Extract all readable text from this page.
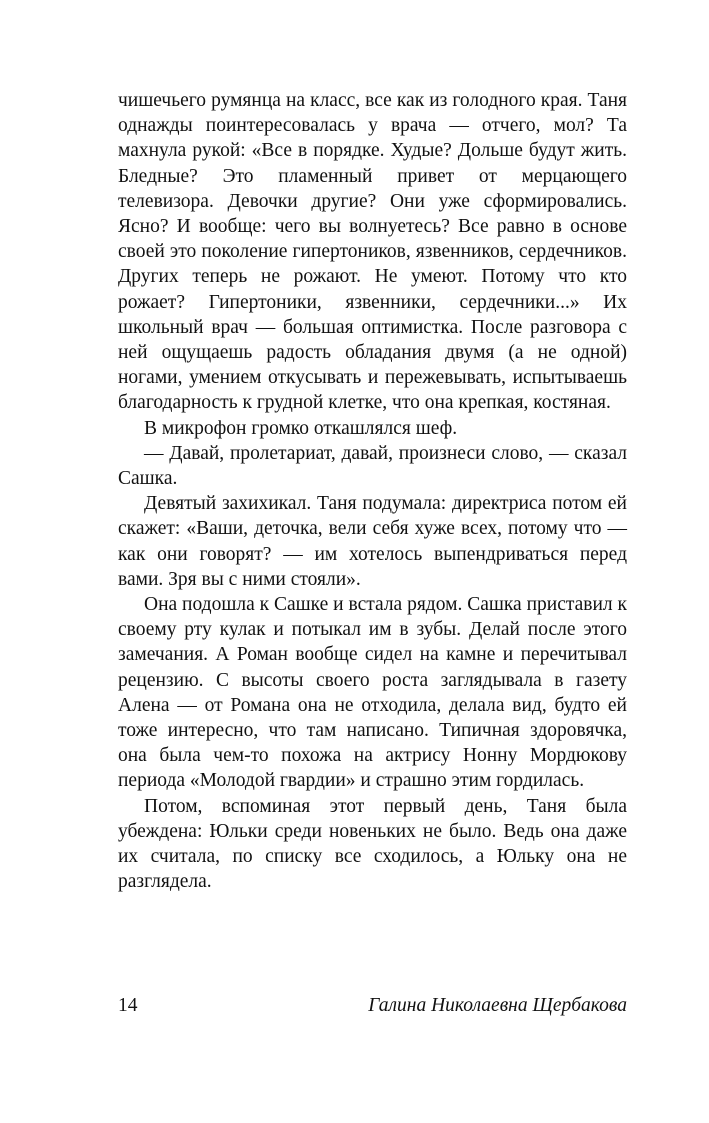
чишечьего румянца на класс, все как из голодного края. Таня однажды поинтересовалась у врача — отчего, мол? Та махнула рукой: «Все в порядке. Худые? Дольше будут жить. Бледные? Это пламенный привет от мерцающего телевизора. Девочки другие? Они уже сформировались. Ясно? И вообще: чего вы волнуетесь? Все равно в основе своей это поколение гипертоников, язвенников, сердечников. Других теперь не рожают. Не умеют. Потому что кто рожает? Гипертоники, язвенники, сердечники...» Их школьный врач — большая оптимистка. После разговора с ней ощущаешь радость обладания двумя (а не одной) ногами, умением откусывать и пережевывать, испытываешь благодарность к грудной клетке, что она крепкая, костяная.

В микрофон громко откашлялся шеф.

— Давай, пролетариат, давай, произнеси слово, — сказал Сашка.

Девятый захихикал. Таня подумала: директриса потом ей скажет: «Ваши, деточка, вели себя хуже всех, потому что — как они говорят? — им хотелось выпендриваться перед вами. Зря вы с ними стояли».

Она подошла к Сашке и встала рядом. Сашка приставил к своему рту кулак и потыкал им в зубы. Делай после этого замечания. А Роман вообще сидел на камне и перечитывал рецензию. С высоты своего роста заглядывала в газету Алена — от Романа она не отходила, делала вид, будто ей тоже интересно, что там написано. Типичная здоровячка, она была чем-то похожа на актрису Нонну Мордюкову периода «Молодой гвардии» и страшно этим гордилась.

Потом, вспоминая этот первый день, Таня была убеждена: Юльки среди новеньких не было. Ведь она даже их считала, по списку все сходилось, а Юльку она не разглядела.

14	Галина Николаевна Щербакова
